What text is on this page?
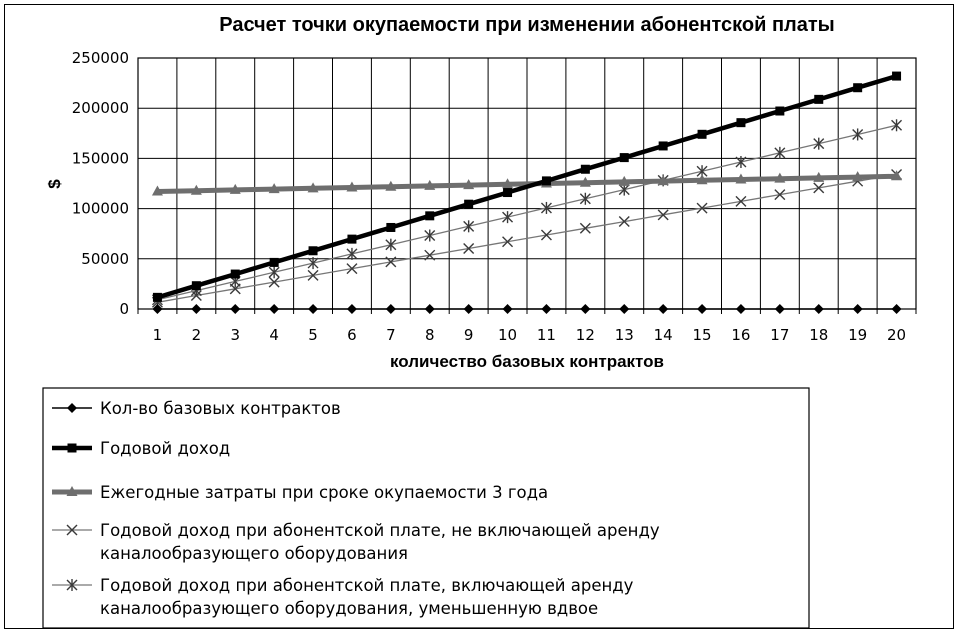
Расчет точки окупаемости при изменении абонентской платы
0
50000
100000
150000
200000
250000
1 2 3 4 5 6 7 8 9 10 11 12 13 14 15 16 17 18 19 20
количество базовых контрактов
$
Кол-во базовых контрактов
Годовой доход
Ежегодные затраты при сроке окупаемости 3 года
Годовой доход при абонентской плате, не включающей аренду
каналообразующего оборудования
Годовой доход при абонентской плате, включающей аренду
каналообразующего оборудования, уменьшенную вдвое
